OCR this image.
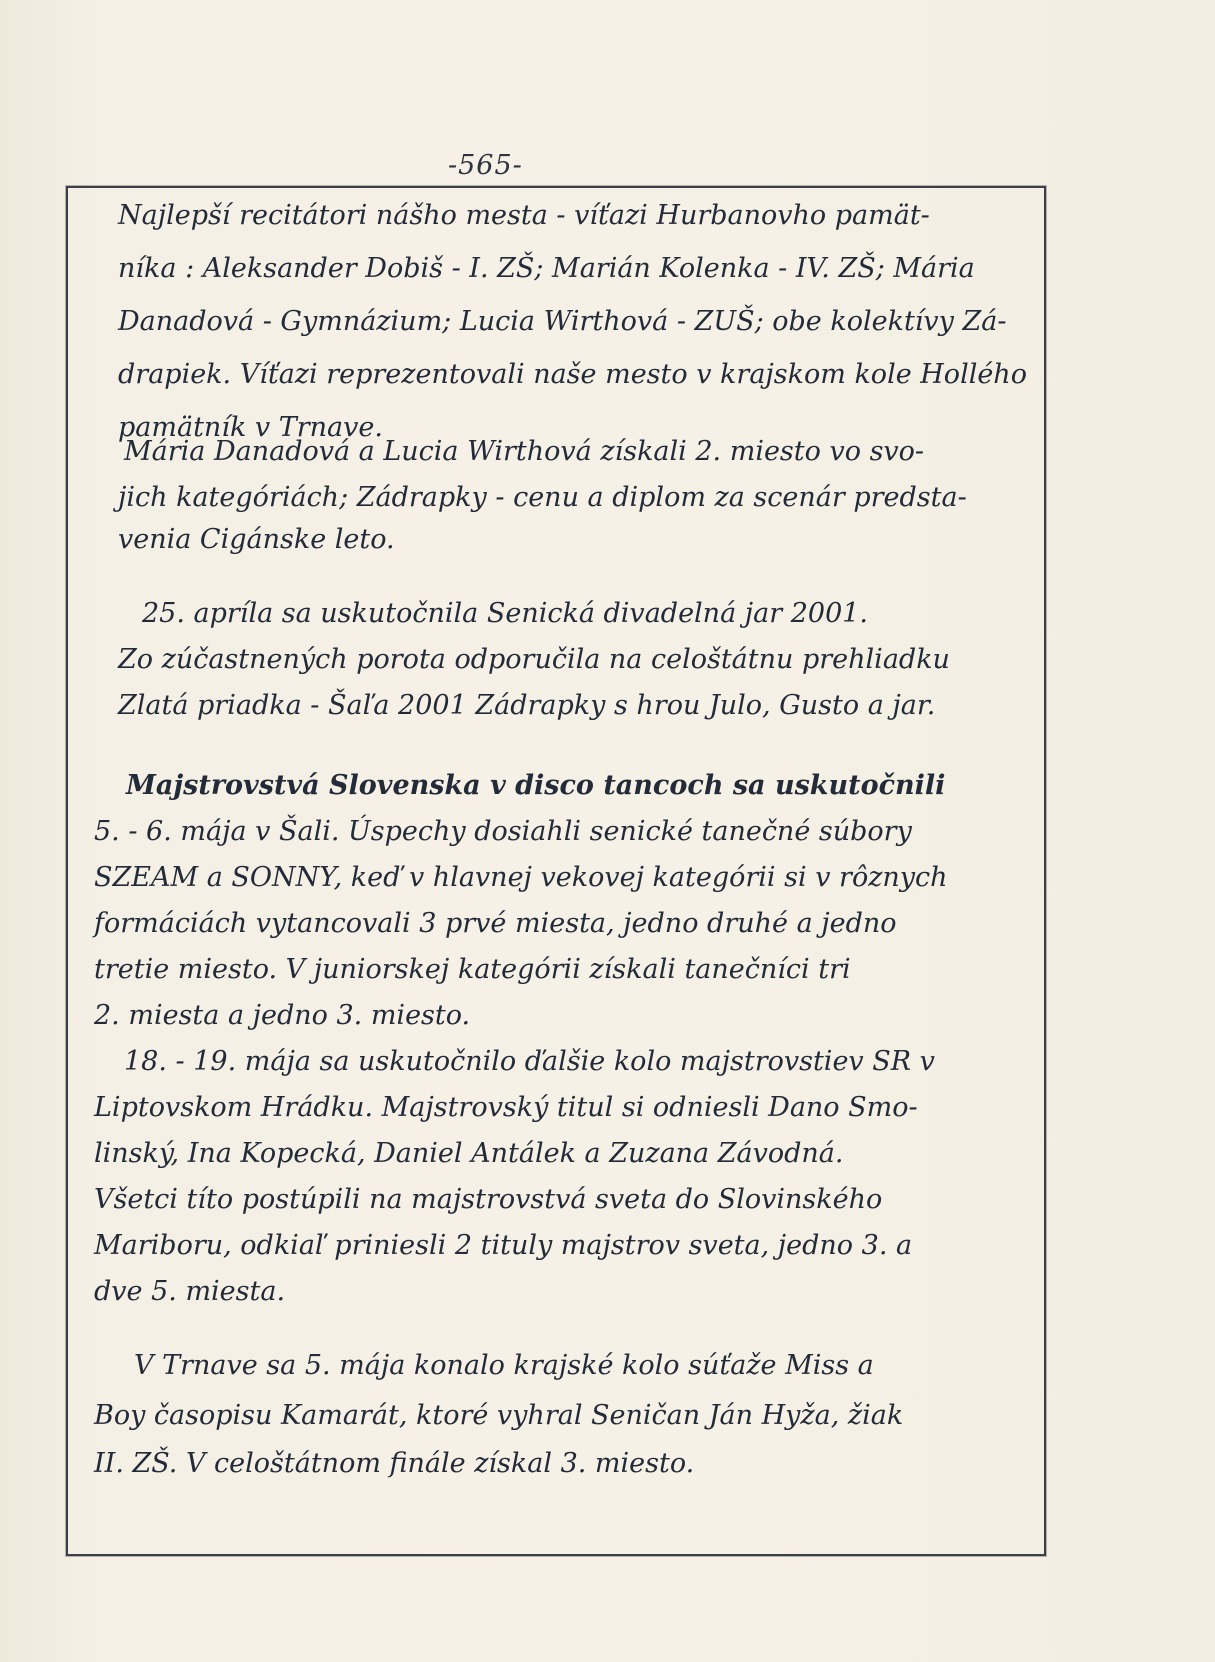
-565-
Najlepší recitátori nášho mesta - víťazi Hurbanovho pamät-
níka : Aleksander Dobiš - I. ZŠ; Marián Kolenka - IV. ZŠ; Mária
Danadová - Gymnázium; Lucia Wirthová - ZUŠ; obe kolektívy Zá-
drapiek. Víťazi reprezentovali naše mesto v krajskom kole Hollého
pamätník v Trnave.
Mária Danadová a Lucia Wirthová získali 2. miesto vo svo-
jich kategóriách; Zádrapky - cenu a diplom za scenár predsta-
venia Cigánske leto.
25. apríla sa uskutočnila Senická divadelná jar 2001.
Zo zúčastnených porota odporučila na celoštátnu prehliadku
Zlatá priadka - Šaľa 2001 Zádrapky s hrou Julo, Gusto a jar.
Majstrovstvá Slovenska v disco tancoch sa uskutočnili
5. - 6. mája v Šali. Úspechy dosiahli senické tanečné súbory
SZEAM a SONNY, keď v hlavnej vekovej kategórii si v rôznych
formáciách vytancovali 3 prvé miesta, jedno druhé a jedno
tretie miesto. V juniorskej kategórii získali tanečníci tri
2. miesta a jedno 3. miesto.
18. - 19. mája sa uskutočnilo ďalšie kolo majstrovstiev SR v
Liptovskom Hrádku. Majstrovský titul si odniesli Dano Smo-
linský, Ina Kopecká, Daniel Antálek a Zuzana Závodná.
Všetci títo postúpili na majstrovstvá sveta do Slovinského
Mariboru, odkiaľ priniesli 2 tituly majstrov sveta, jedno 3. a
dve 5. miesta.
V Trnave sa 5. mája konalo krajské kolo súťaže Miss a
Boy časopisu Kamarát, ktoré vyhral Seničan Ján Hyža, žiak
II. ZŠ. V celoštátnom finále získal 3. miesto.
